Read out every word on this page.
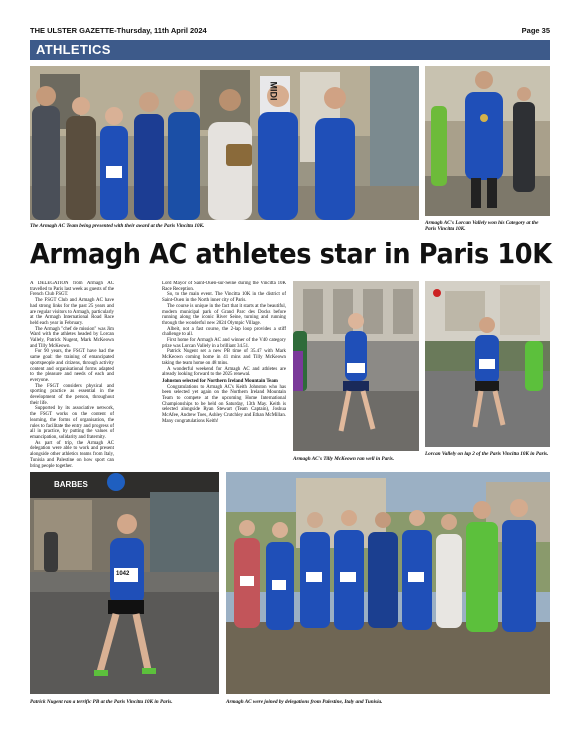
THE ULSTER GAZETTE-Thursday, 11th April 2024	Page 35
ATHLETICS
MIDI
The Armagh AC Team being presented with their award at the Paris Vincitta 10K.	Armagh AC's Lorcan Vallely won his Category at the Paris Vincitta 10K.
Armagh AC athletes star in Paris 10K

A DELEGATION from Armagh AC travelled to Paris last week as guests of the French Club FSGT.

The FSGT Club and Armagh AC have had strong links for the past 25 years and are regular visitors to Armagh, particularly at the Armagh International Road Race held each year in February.

The Armagh "chef de mission" was Jim Ward with the athletes headed by Lorcan Vallely, Patrick Nugent, Mark McKeown and Tilly McKeown.

For 90 years, the FSGT have had the same goal: the training of emancipated sportspeople and citizens, through activity content and organisational forms adapted to the pleasure and needs of each and everyone.

The FSGT considers physical and sporting practice as essential in the development of the person, throughout their life.

Supported by its associative network, the FSGT works on the content of learning, the forms of organisation, the rules to facilitate the entry and progress of all in practice, by putting the values of emancipation, solidarity and fraternity.

As part of trip, the Armagh AC delegation were able to work and present alongside other athletics teams from Italy, Tunisia and Palestine on how sport can bring people together.

Lord Mayor of Saint-Ouen-sur-Seine during the Vincitta 10K Race Reception.

So, to the main event. The Vincitta 10K in the district of Saint-Ouen in the North inner city of Paris.

The course is unique in the fact that it starts at the beautiful, modern municipal park of Grand Parc des Docks before running along the iconic River Seine, turning and running through the wonderful new 2024 Olympic Village.

Albeit, not a fast course, the 2-lap loop provides a stiff challenge to all.

First home for Armagh AC and winner of the V40 category prize was Lorcan Vallely in a brilliant 34.51.

Patrick Nugent set a new PB time of 35.47 with Mark McKeown coming home in 41 mins and Tilly McKeown taking the team home on 48 mins.

A wonderful weekend for Armagh AC and athletes are already looking forward to the 2025 renewal.

Johnston selected for Northern Ireland Mountain Team

Congratulations to Armagh AC's Keith Johnston who has been selected yet again on the Northern Ireland Mountain Team to compete at the upcoming Home International Championships to be held on Saturday, 13th May. Keith is selected alongside Ryan Stewart (Team Captain), Joshua McAfee, Andrew Toes, Ashley Crutchley and Ethan McMillan. Many congratulations Keith!

Armagh AC's Tilly McKeown ran well in Paris.
Lorcan Vallely on lap 2 of the Paris Vincitta 10K in Paris.
BARBES
1042
Patrick Nugent ran a terrific PB at the Paris Vincitta 10K in Paris.	Armagh AC were joined by delegations from Palestine, Italy and Tunisia.
